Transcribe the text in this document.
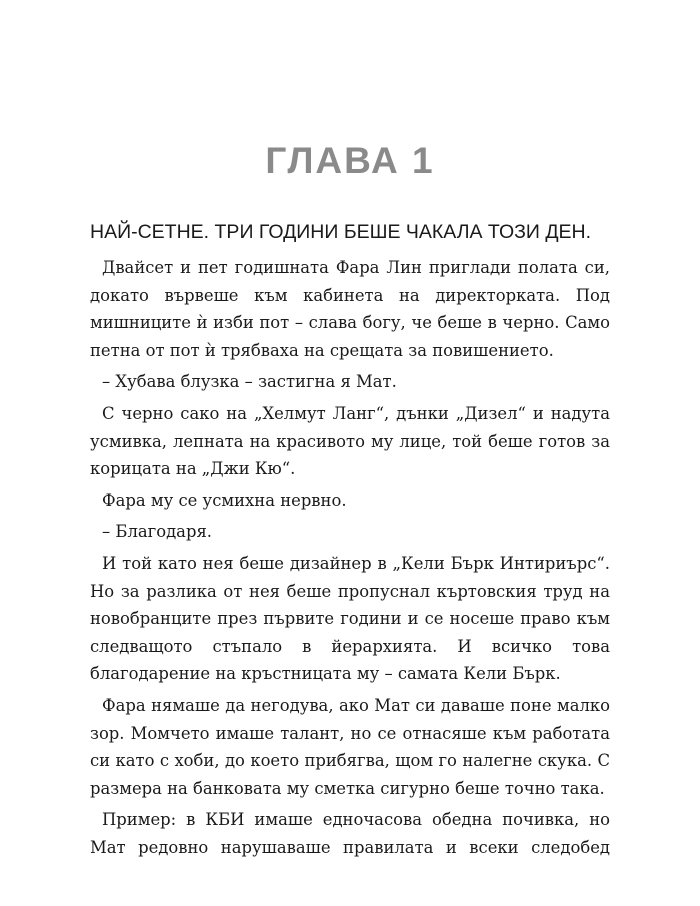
ГЛАВА 1
НАЙ-СЕТНЕ. ТРИ ГОДИНИ БЕШЕ ЧАКАЛА ТОЗИ ДЕН.

Двайсет и пет годишната Фара Лин приглади полата си, докато вървеше към кабинета на директорката. Под мишниците ѝ изби пот – слава богу, че беше в черно. Само петна от пот ѝ трябваха на срещата за повишението.

– Хубава блузка – застигна я Мат.

С черно сако на „Хелмут Ланг“, дънки „Дизел“ и надута усмивка, лепната на красивото му лице, той беше готов за корицата на „Джи Кю“.

Фара му се усмихна нервно.

– Благодаря.

И той като нея беше дизайнер в „Кели Бърк Интириърс“. Но за разлика от нея беше пропуснал къртовския труд на новобранците през първите години и се носеше право към следващото стъпало в йерархията. И всичко това благодарение на кръстницата му – самата Кели Бърк.

Фара нямаше да негодува, ако Мат си даваше поне малко зор. Момчето имаше талант, но се отнасяше към работата си като с хоби, до което прибягва, щом го налегне скука. С размера на банковата му сметка сигурно беше точно така.

Пример: в КБИ имаше едночасова обедна почивка, но Мат редовно нарушаваше правилата и всеки следобед
